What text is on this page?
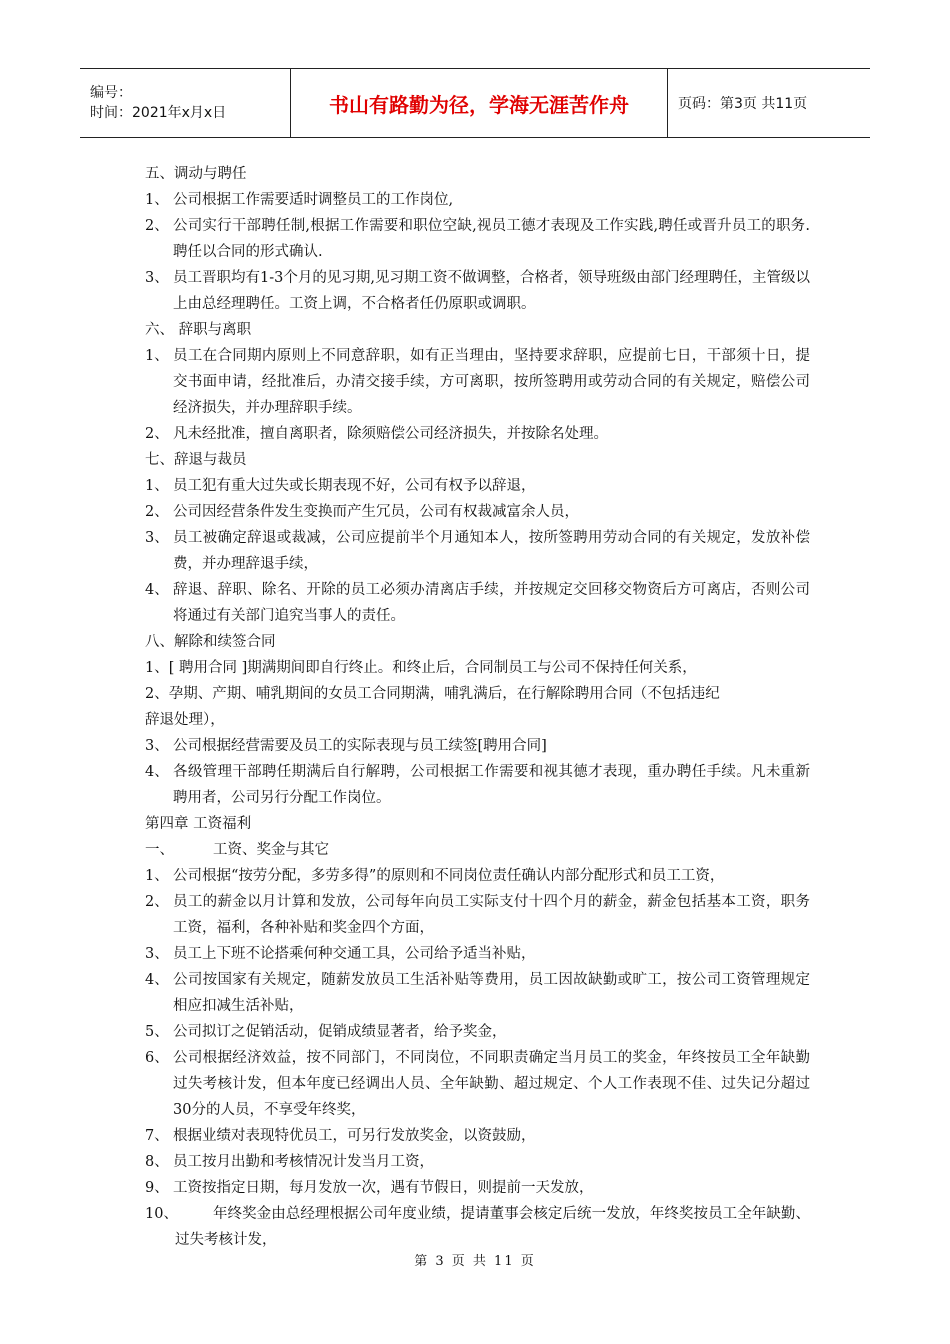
编号：
时间：2021年x月x日	书山有路勤为径，学海无涯苦作舟	页码：第3页 共11页
五、调动与聘任
1、 公司根据工作需要适时调整员工的工作岗位,
2、 公司实行干部聘任制,根据工作需要和职位空缺,视员工德才表现及工作实践,聘任或晋升员工的职务.聘任以合同的形式确认.
3、 员工晋职均有1-3个月的见习期,见习期工资不做调整，合格者，领导班级由部门经理聘任，主管级以上由总经理聘任。工资上调，不合格者任仍原职或调职。
六、 辞职与离职
1、 员工在合同期内原则上不同意辞职，如有正当理由，坚持要求辞职，应提前七日，干部须十日，提交书面申请，经批准后，办清交接手续，方可离职，按所签聘用或劳动合同的有关规定，赔偿公司经济损失，并办理辞职手续。
2、 凡未经批准，擅自离职者，除须赔偿公司经济损失，并按除名处理。
七、辞退与裁员
1、 员工犯有重大过失或长期表现不好，公司有权予以辞退，
2、 公司因经营条件发生变换而产生冗员，公司有权裁减富余人员，
3、 员工被确定辞退或裁减，公司应提前半个月通知本人，按所签聘用劳动合同的有关规定，发放补偿费，并办理辞退手续，
4、 辞退、辞职、除名、开除的员工必须办清离店手续，并按规定交回移交物资后方可离店，否则公司将通过有关部门追究当事人的责任。
八、解除和续签合同
1、[ 聘用合同 ]期满期间即自行终止。和终止后，合同制员工与公司不保持任何关系，
2、孕期、产期、哺乳期间的女员工合同期满，哺乳满后，在行解除聘用合同（不包括违纪
辞退处理），
3、 公司根据经营需要及员工的实际表现与员工续签[聘用合同]
4、 各级管理干部聘任期满后自行解聘，公司根据工作需要和视其德才表现，重办聘任手续。凡未重新聘用者，公司另行分配工作岗位。
第四章 工资福利
一、	工资、奖金与其它
1、 公司根据“按劳分配，多劳多得”的原则和不同岗位责任确认内部分配形式和员工工资，
2、 员工的薪金以月计算和发放，公司每年向员工实际支付十四个月的薪金，薪金包括基本工资，职务工资，福利，各种补贴和奖金四个方面，
3、 员工上下班不论搭乘何种交通工具，公司给予适当补贴，
4、 公司按国家有关规定，随薪发放员工生活补贴等费用，员工因故缺勤或旷工，按公司工资管理规定相应扣减生活补贴，
5、 公司拟订之促销活动，促销成绩显著者，给予奖金，
6、 公司根据经济效益，按不同部门，不同岗位，不同职责确定当月员工的奖金，年终按员工全年缺勤过失考核计发，但本年度已经调出人员、全年缺勤、超过规定、个人工作表现不佳、过失记分超过30分的人员，不享受年终奖，
7、 根据业绩对表现特优员工，可另行发放奖金，以资鼓励，
8、 员工按月出勤和考核情况计发当月工资，
9、 工资按指定日期，每月发放一次，遇有节假日，则提前一天发放，
10、	年终奖金由总经理根据公司年度业绩，提请董事会核定后统一发放，年终奖按员工全年缺勤、过失考核计发，
第 3 页 共 11 页
